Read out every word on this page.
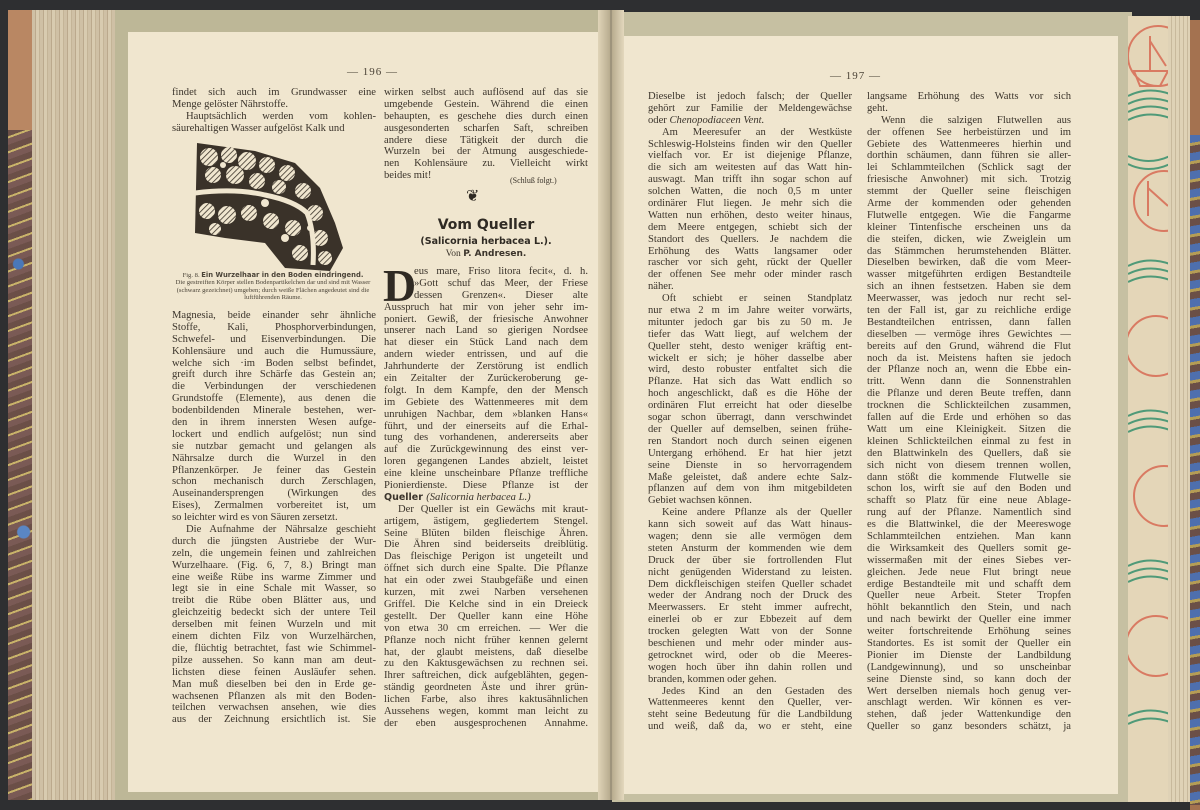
— 196 —	— 197 —
findet sich auch im Grundwasser eine
Menge gelöster Nährstoffe.
Hauptsächlich werden vom kohlen-
säurehaltigen Wasser aufgelöst Kalk und
Fig. 8. Ein Wurzelhaar in den Boden eindringend.
Die gestreiften Körper stellen Bodenpartikelchen dar und sind mit Wasser (schwarz gezeichnet) umgeben; durch weiße Flächen angedeutet sind die luftführenden Räume.
Magnesia, beide einander sehr ähnliche
Stoffe, Kali, Phosphorverbindungen,
Schwefel- und Eisenverbindungen. Die
Kohlensäure und auch die Humussäure,
welche sich ·im Boden selbst befindet,
greift durch ihre Schärfe das Gestein an;
die Verbindungen der verschiedenen
Grundstoffe (Elemente), aus denen die
bodenbildenden Minerale bestehen, wer-
den in ihrem innersten Wesen aufge-
lockert und endlich aufgelöst; nun sind
sie nutzbar gemacht und gelangen als
Nährsalze durch die Wurzel in den
Pflanzenkörper. Je feiner das Gestein
schon mechanisch durch Zerschlagen,
Auseinandersprengen (Wirkungen des
Eises), Zermalmen vorbereitet ist, um
so leichter wird es von Säuren zersetzt.
Die Aufnahme der Nährsalze geschieht
durch die jüngsten Austriebe der Wur-
zeln, die ungemein feinen und zahlreichen
Wurzelhaare. (Fig. 6, 7, 8.) Bringt man
eine weiße Rübe ins warme Zimmer und
legt sie in eine Schale mit Wasser, so
treibt die Rübe oben Blätter aus, und
gleichzeitig bedeckt sich der untere Teil
derselben mit feinen Wurzeln und mit
einem dichten Filz von Wurzelhärchen,
die, flüchtig betrachtet, fast wie Schimmel-
pilze aussehen. So kann man am deut-
lichsten diese feinen Ausläufer sehen.
Man muß dieselben bei den in Erde ge-
wachsenen Pflanzen als mit den Boden-
teilchen verwachsen ansehen, wie dies
aus der Zeichnung ersichtlich ist. Sie
wirken selbst auch auflösend auf das sie
umgebende Gestein. Während die einen
behaupten, es geschehe dies durch einen
ausgesonderten scharfen Saft, schreiben
andere diese Tätigkeit der durch die
Wurzeln bei der Atmung ausgeschiede-
nen Kohlensäure zu. Vielleicht wirkt
beides mit!	(Schluß folgt.)
❦
Vom Queller
(Salicornia herbacea L.).
Von P. Andresen.
D
eus mare, Friso litora fecit«, d. h.
»Gott schuf das Meer, der Friese
dessen Grenzen«. Dieser alte
Ausspruch hat mir von jeher sehr im-
poniert. Gewiß, der friesische Anwohner
unserer nach Land so gierigen Nordsee
hat dieser ein Stück Land nach dem
andern wieder entrissen, und auf die
Jahrhunderte der Zerstörung ist endlich
ein Zeitalter der Zurückeroberung ge-
folgt. In dem Kampfe, den der Mensch
im Gebiete des Wattenmeeres mit dem
unruhigen Nachbar, dem »blanken Hans«
führt, und der einerseits auf die Erhal-
tung des vorhandenen, andererseits aber
auf die Zurückgewinnung des einst ver-
loren gegangenen Landes abzielt, leistet
eine kleine unscheinbare Pflanze treffliche
Pionierdienste. Diese Pflanze ist der
Queller (Salicornia herbacea L.)
Der Queller ist ein Gewächs mit kraut-
artigem, ästigem, gegliedertem Stengel.
Seine Blüten bilden fleischige Ähren.
Die Ähren sind beiderseits dreiblütig.
Das fleischige Perigon ist ungeteilt und
öffnet sich durch eine Spalte. Die Pflanze
hat ein oder zwei Staubgefäße und einen
kurzen, mit zwei Narben versehenen
Griffel. Die Kelche sind in ein Dreieck
gestellt. Der Queller kann eine Höhe
von etwa 30 cm erreichen. — Wer die
Pflanze noch nicht früher kennen gelernt
hat, der glaubt meistens, daß dieselbe
zu den Kaktusgewächsen zu rechnen sei.
Ihrer saftreichen, dick aufgeblähten, gegen-
ständig geordneten Äste und ihrer grün-
lichen Farbe, also ihres kaktusähnlichen
Aussehens wegen, kommt man leicht zu
der eben ausgesprochenen Annahme.
Dieselbe ist jedoch falsch; der Queller
gehört zur Familie der Meldengewächse
oder Chenopodiaceen Vent.
Am Meeresufer an der Westküste
Schleswig-Holsteins finden wir den Queller
vielfach vor. Er ist diejenige Pflanze,
die sich am weitesten auf das Watt hin-
auswagt. Man trifft ihn sogar schon auf
solchen Watten, die noch 0,5 m unter
ordinärer Flut liegen. Je mehr sich die
Watten nun erhöhen, desto weiter hinaus,
dem Meere entgegen, schiebt sich der
Standort des Quellers. Je nachdem die
Erhöhung des Watts langsamer oder
rascher vor sich geht, rückt der Queller
der offenen See mehr oder minder rasch
näher.
Oft schiebt er seinen Standplatz
nur etwa 2 m im Jahre weiter vorwärts,
mitunter jedoch gar bis zu 50 m. Je
tiefer das Watt liegt, auf welchem der
Queller steht, desto weniger kräftig ent-
wickelt er sich; je höher dasselbe aber
wird, desto robuster entfaltet sich die
Pflanze. Hat sich das Watt endlich so
hoch angeschlickt, daß es die Höhe der
ordinären Flut erreicht hat oder dieselbe
sogar schon überragt, dann verschwindet
der Queller auf demselben, seinen frühe-
ren Standort noch durch seinen eigenen
Untergang erhöhend. Er hat hier jetzt
seine Dienste in so hervorragendem
Maße geleistet, daß andere echte Salz-
pflanzen auf dem von ihm mitgebildeten
Gebiet wachsen können.
Keine andere Pflanze als der Queller
kann sich soweit auf das Watt hinaus-
wagen; denn sie alle vermögen dem
steten Ansturm der kommenden wie dem
Druck der über sie fortrollenden Flut
nicht genügenden Widerstand zu leisten.
Dem dickfleischigen steifen Queller schadet
weder der Andrang noch der Druck des
Meerwassers. Er steht immer aufrecht,
einerlei ob er zur Ebbezeit auf dem
trocken gelegten Watt von der Sonne
beschienen und mehr oder minder aus-
getrocknet wird, oder ob die Meeres-
wogen hoch über ihn dahin rollen und
branden, kommen oder gehen.
Jedes Kind an den Gestaden des
Wattenmeeres kennt den Queller, ver-
steht seine Bedeutung für die Landbildung
und weiß, daß da, wo er steht, eine
langsame Erhöhung des Watts vor sich
geht.
Wenn die salzigen Flutwellen aus
der offenen See herbeistürzen und im
Gebiete des Wattenmeeres hierhin und
dorthin schäumen, dann führen sie aller-
lei Schlammteilchen (Schlick sagt der
friesische Anwohner) mit sich. Trotzig
stemmt der Queller seine fleischigen
Arme der kommenden oder gehenden
Flutwelle entgegen. Wie die Fangarme
kleiner Tintenfische erscheinen uns da
die steifen, dicken, wie Zweiglein um
das Stämmchen herumstehenden Blätter.
Dieselben bewirken, daß die vom Meer-
wasser mitgeführten erdigen Bestandteile
sich an ihnen festsetzen. Haben sie dem
Meerwasser, was jedoch nur recht sel-
ten der Fall ist, gar zu reichliche erdige
Bestandteilchen entrissen, dann fallen
dieselben — vermöge ihres Gewichtes —
bereits auf den Grund, während die Flut
noch da ist. Meistens haften sie jedoch
der Pflanze noch an, wenn die Ebbe ein-
tritt. Wenn dann die Sonnenstrahlen
die Pflanze und deren Beute treffen, dann
trocknen die Schlickteilchen zusammen,
fallen auf die Erde und erhöhen so das
Watt um eine Kleinigkeit. Sitzen die
kleinen Schlickteilchen einmal zu fest in
den Blattwinkeln des Quellers, daß sie
sich nicht von diesem trennen wollen,
dann stößt die kommende Flutwelle sie
schon los, wirft sie auf den Boden und
schafft so Platz für eine neue Ablage-
rung auf der Pflanze. Namentlich sind
es die Blattwinkel, die der Meereswoge
Schlammteilchen entziehen. Man kann
die Wirksamkeit des Quellers somit ge-
wissermaßen mit der eines Siebes ver-
gleichen. Jede neue Flut bringt neue
erdige Bestandteile mit und schafft dem
Queller neue Arbeit. Steter Tropfen
höhlt bekanntlich den Stein, und nach
und nach bewirkt der Queller eine immer
weiter fortschreitende Erhöhung seines
Standortes. Es ist somit der Queller ein
Pionier im Dienste der Landbildung
(Landgewinnung), und so unscheinbar
seine Dienste sind, so kann doch der
Wert derselben niemals hoch genug ver-
anschlagt werden. Wir können es ver-
stehen, daß jeder Wattenkundige den
Queller so ganz besonders schätzt, ja
